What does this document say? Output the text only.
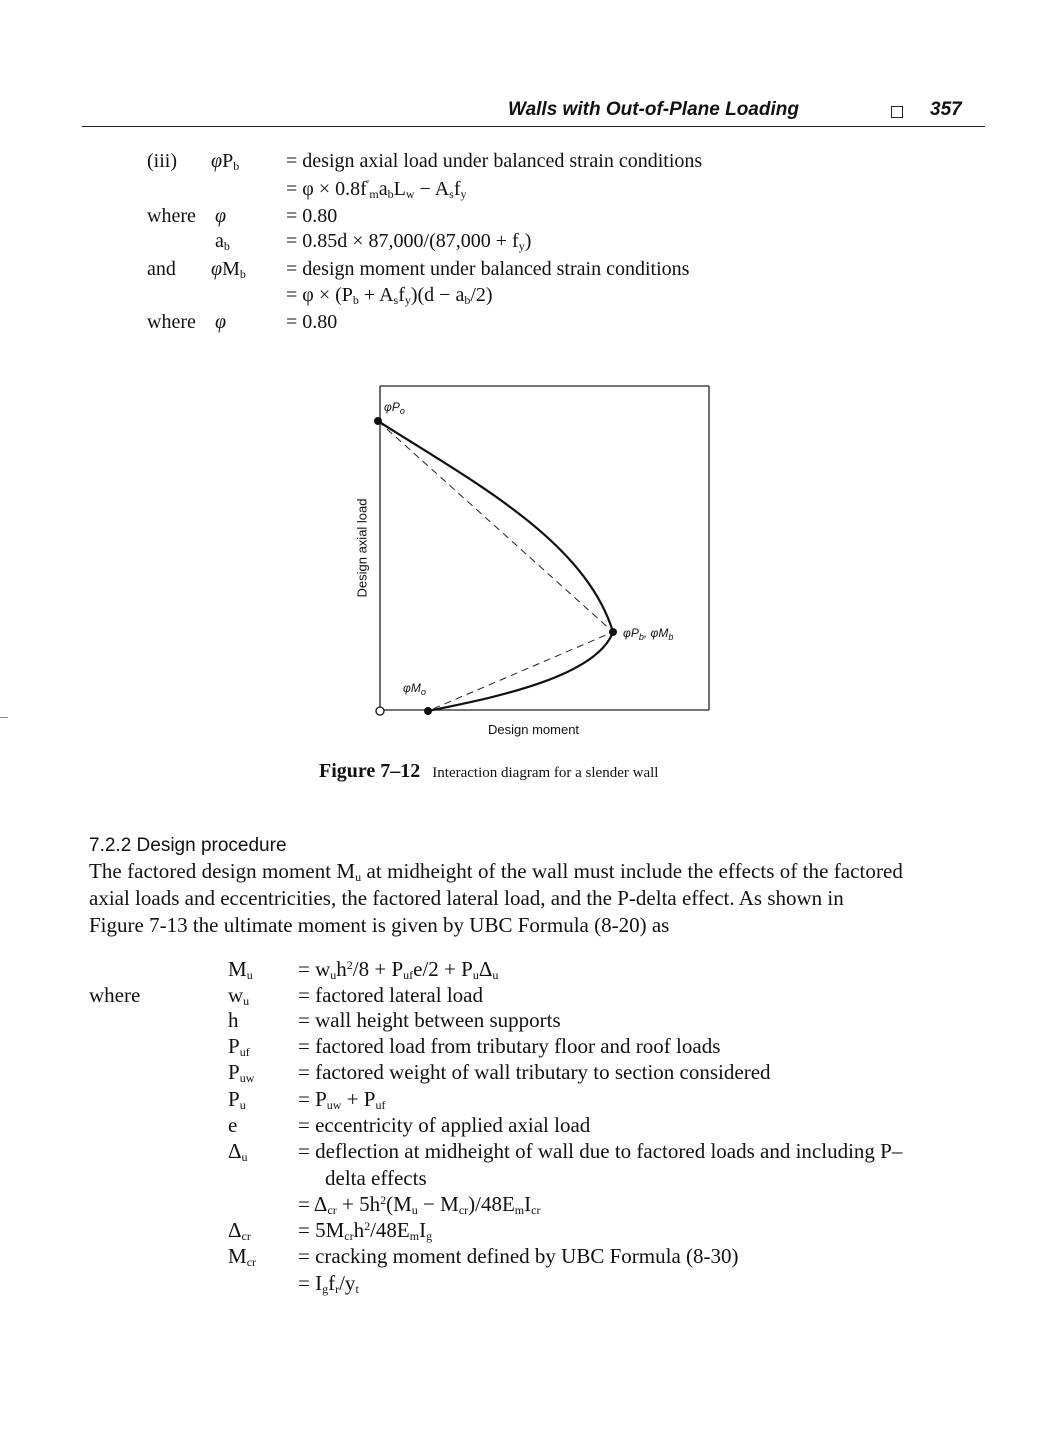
Walls with Out-of-Plane Loading	357
(iii) $\varphi P_b$ = design axial load under balanced strain conditions
= $\varphi \times 0.8f'_ma_bL_w - A_sf_y$
where φ	= 0.80
$a_b$	= $0.85d \times 87,000/(87,000 + f_y)$
and $\varphi M_b$ = design moment under balanced strain conditions
= $\varphi \times (P_b + A_sf_y)(d - a_b/2)$
where φ	= 0.80
$\varphi P_o$
$\varphi M_o$
$\varphi P_b$, $\varphi M_b$
Design axial load
Design moment
Figure 7–12 Interaction diagram for a slender wall
7.2.2 Design procedure
The factored design moment $M_u$ at midheight of the wall must include the effects of the factored
axial loads and eccentricities, the factored lateral load, and the P-delta effect. As shown in
Figure 7-13 the ultimate moment is given by UBC Formula (8-20) as
$M_u = w_uh^2/8 + P_{uf}e/2 + P_u\Delta_u$
where	$w_u$ = factored lateral load
h	= wall height between supports
$P_{uf}$ = factored load from tributary floor and roof loads
$P_{uw}$ = factored weight of wall tributary to section considered
$P_u = P_{uw} + P_{uf}$
e	= eccentricity of applied axial load
$\Delta_u$ = deflection at midheight of wall due to factored loads and including P–
delta effects
= $\Delta_{cr} + 5h^2(M_u - M_{cr})/48E_mI_{cr}$
$\Delta_{cr} = 5M_{cr}h^2/48E_mI_g$
$M_{cr}$ = cracking moment defined by UBC Formula (8-30)
= $I_gf_r/y_t$
